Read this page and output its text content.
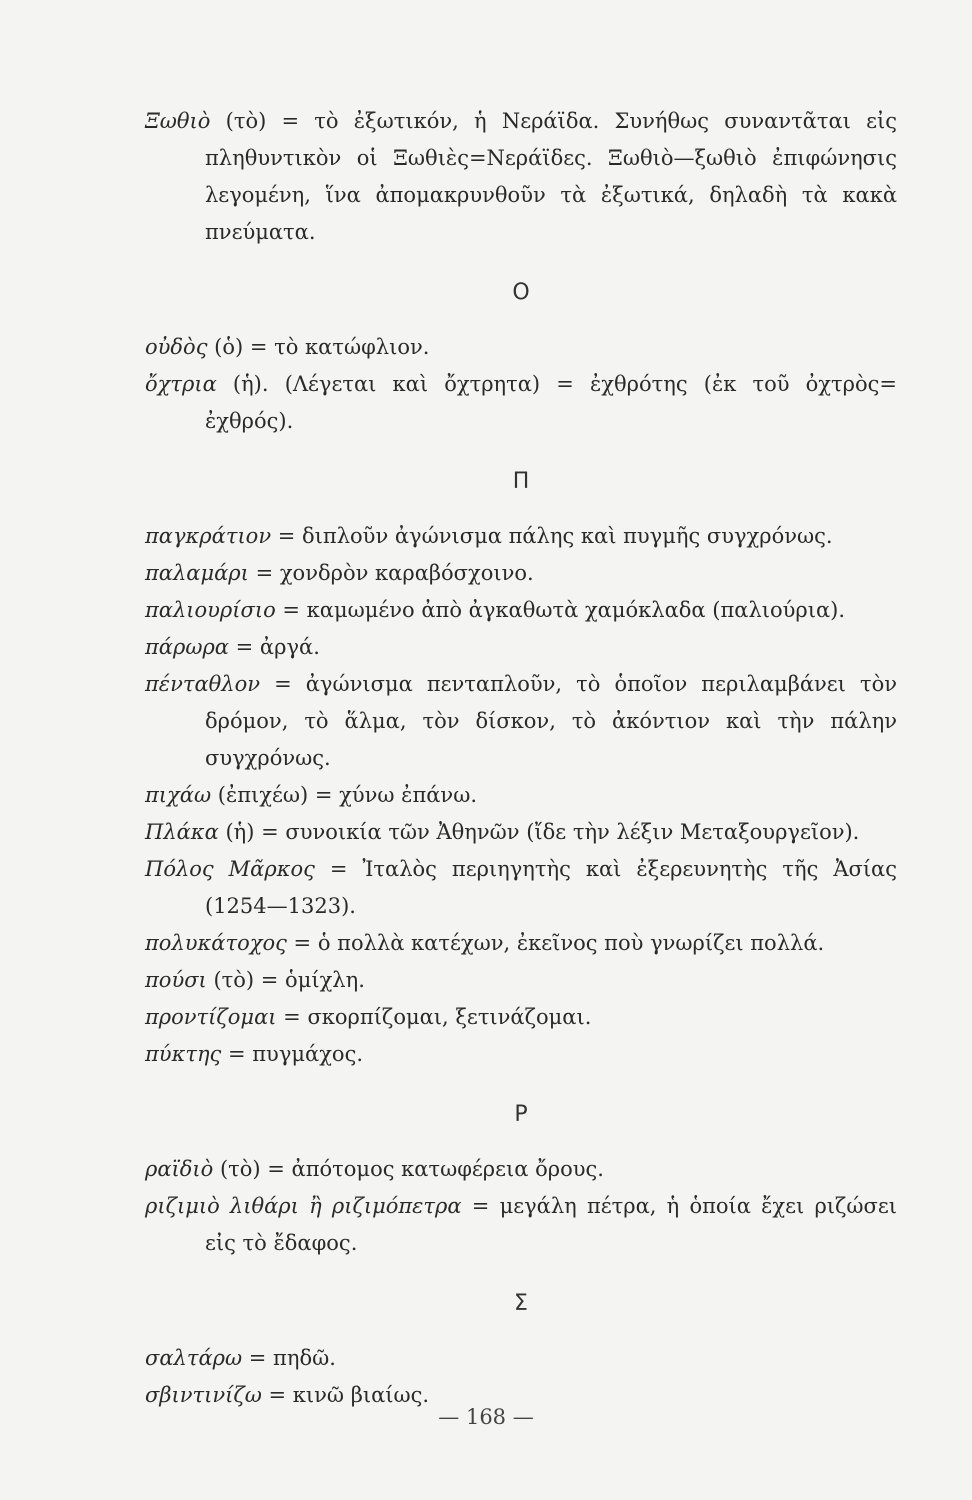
Ξωθιὸ (τὸ) = τὸ ἐξωτικόν, ἡ Νεράϊδα. Συνήθως συναντᾶται εἰς πληθυντικὸν οἱ Ξωθιὲς=Νεράϊδες. Ξωθιὸ—ξωθιὸ ἐπιφώνησις λεγομένη, ἵνα ἀπομακρυνθοῦν τὰ ἐξωτικά, δηλαδὴ τὰ κακὰ πνεύματα.

Ο

οὐδὸς (ὁ) = τὸ κατώφλιον.

ὄχτρια (ἡ). (Λέγεται καὶ ὄχτρητα) = ἐχθρότης (ἐκ τοῦ ὀχτρὸς= ἐχθρός).

Π

παγκράτιον = διπλοῦν ἀγώνισμα πάλης καὶ πυγμῆς συγχρόνως.

παλαμάρι = χονδρὸν καραβόσχοινο.

παλιουρίσιο = καμωμένο ἀπὸ ἀγκαθωτὰ χαμόκλαδα (παλιούρια).

πάρωρα = ἀργά.

πένταθλον = ἀγώνισμα πενταπλοῦν, τὸ ὁποῖον περιλαμβάνει τὸν δρόμον, τὸ ἅλμα, τὸν δίσκον, τὸ ἀκόντιον καὶ τὴν πάλην συγχρόνως.

πιχάω (ἐπιχέω) = χύνω ἐπάνω.

Πλάκα (ἡ) = συνοικία τῶν Ἀθηνῶν (ἴδε τὴν λέξιν Μεταξουργεῖον).

Πόλος Μᾶρκος = Ἰταλὸς περιηγητὴς καὶ ἐξερευνητὴς τῆς Ἀσίας (1254—1323).

πολυκάτοχος = ὁ πολλὰ κατέχων, ἐκεῖνος ποὺ γνωρίζει πολλά.

πούσι (τὸ) = ὁμίχλη.

προντίζομαι = σκορπίζομαι, ξετινάζομαι.

πύκτης = πυγμάχος.

Ρ

ραϊδιὸ (τὸ) = ἀπότομος κατωφέρεια ὄρους.

ριζιμιὸ λιθάρι ἢ ριζιμόπετρα = μεγάλη πέτρα, ἡ ὁποία ἔχει ριζώσει εἰς τὸ ἔδαφος.

Σ

σαλτάρω = πηδῶ.

σβιντινίζω = κινῶ βιαίως.

— 168 —
